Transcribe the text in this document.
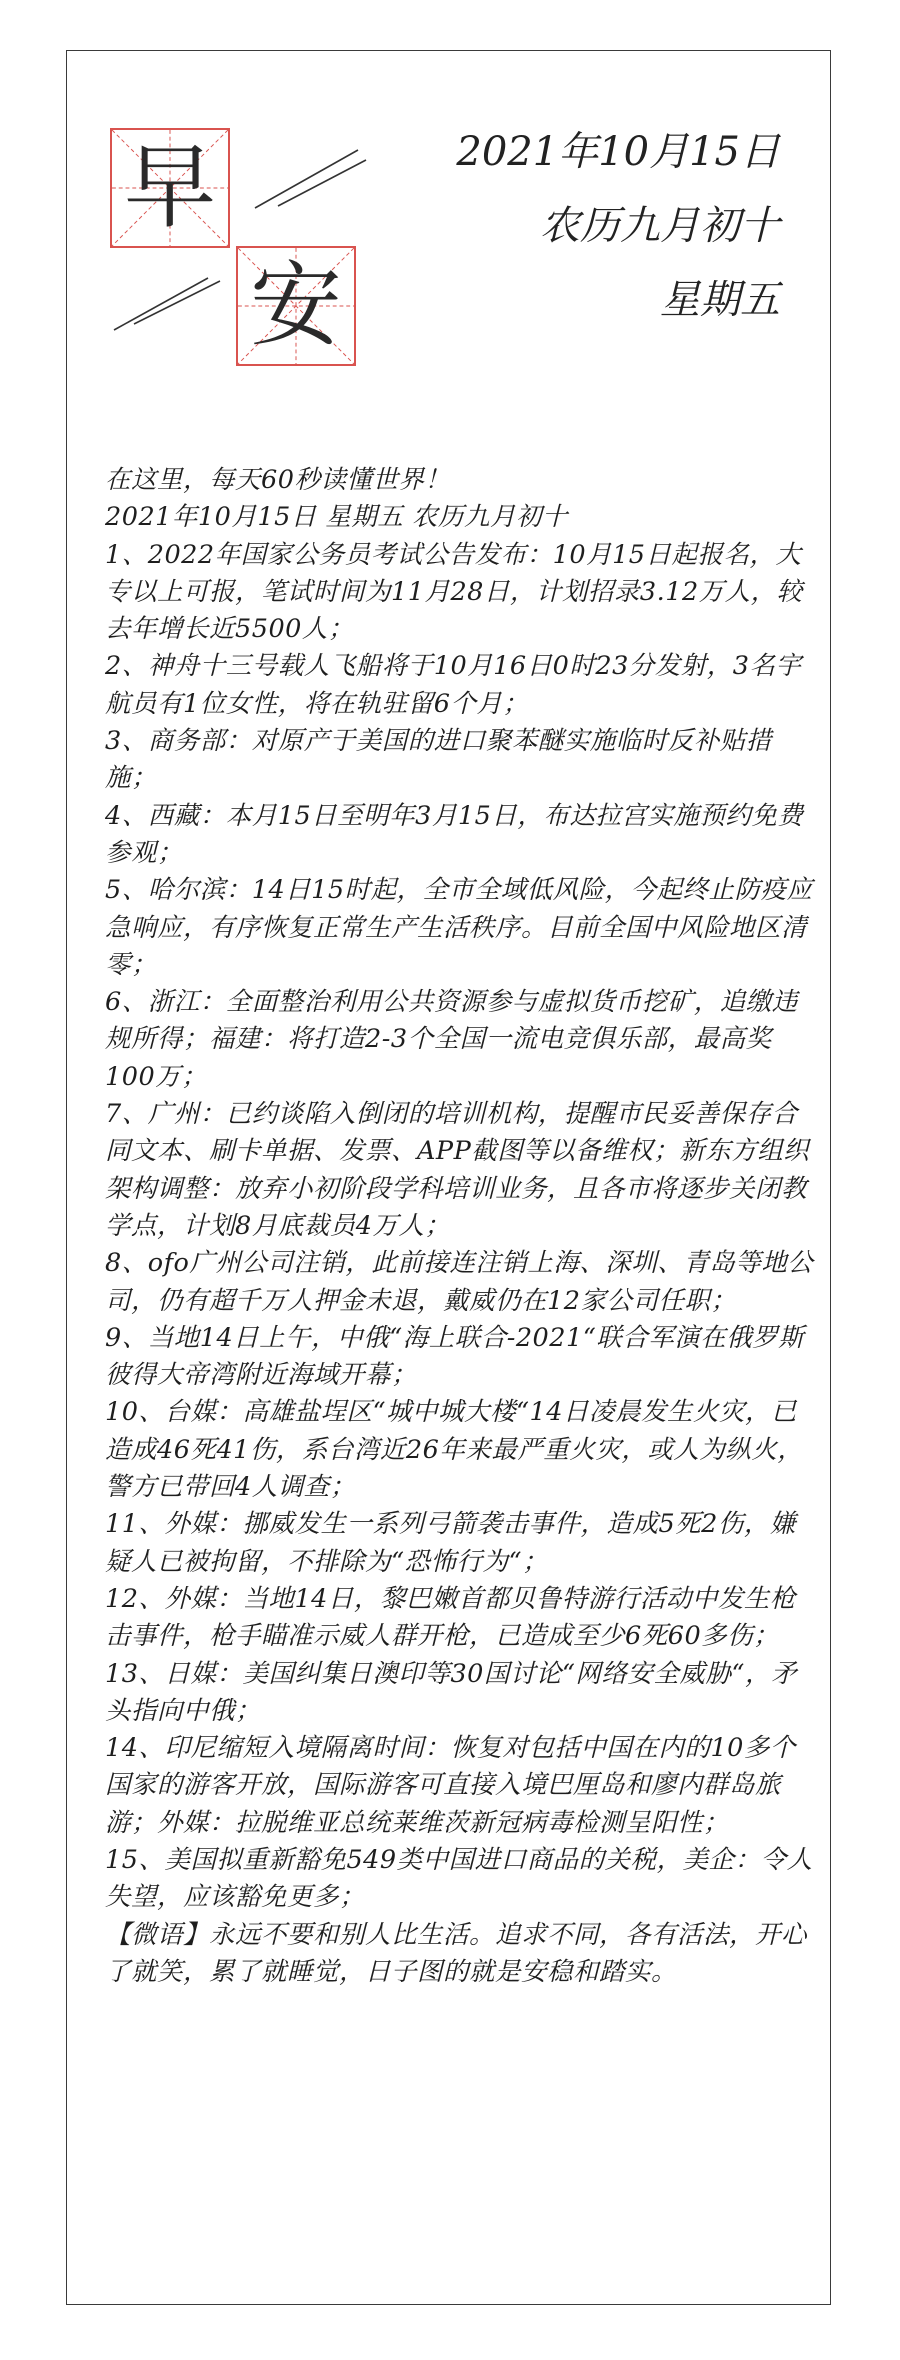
早
安
2021年10月15日
农历九月初十
星期五

在这里，每天60秒读懂世界！

2021年10月15日 星期五 农历九月初十

1、2022年国家公务员考试公告发布：10月15日起报名，大专以上可报，笔试时间为11月28日，计划招录3.12万人，较去年增长近5500人；

2、神舟十三号载人飞船将于10月16日0时23分发射，3名宇航员有1位女性，将在轨驻留6个月；

3、商务部：对原产于美国的进口聚苯醚实施临时反补贴措施；

4、西藏：本月15日至明年3月15日，布达拉宫实施预约免费参观；

5、哈尔滨：14日15时起，全市全域低风险，今起终止防疫应急响应，有序恢复正常生产生活秩序。目前全国中风险地区清零；

6、浙江：全面整治利用公共资源参与虚拟货币挖矿，追缴违规所得；福建：将打造2-3个全国一流电竞俱乐部，最高奖100万；

7、广州：已约谈陷入倒闭的培训机构，提醒市民妥善保存合同文本、刷卡单据、发票、APP截图等以备维权；新东方组织架构调整：放弃小初阶段学科培训业务，且各市将逐步关闭教学点，计划8月底裁员4万人；

8、ofo广州公司注销，此前接连注销上海、深圳、青岛等地公司，仍有超千万人押金未退，戴威仍在12家公司任职；

9、当地14日上午，中俄“海上联合-2021“联合军演在俄罗斯彼得大帝湾附近海域开幕；

10、台媒：高雄盐埕区“城中城大楼“14日凌晨发生火灾，已造成46死41伤，系台湾近26年来最严重火灾，或人为纵火，警方已带回4人调查；

11、外媒：挪威发生一系列弓箭袭击事件，造成5死2伤，嫌疑人已被拘留，不排除为“恐怖行为“；

12、外媒：当地14日，黎巴嫩首都贝鲁特游行活动中发生枪击事件，枪手瞄准示威人群开枪，已造成至少6死60多伤；

13、日媒：美国纠集日澳印等30国讨论“网络安全威胁“，矛头指向中俄；

14、印尼缩短入境隔离时间：恢复对包括中国在内的10多个国家的游客开放，国际游客可直接入境巴厘岛和廖内群岛旅游；外媒：拉脱维亚总统莱维茨新冠病毒检测呈阳性；

15、美国拟重新豁免549类中国进口商品的关税，美企：令人失望，应该豁免更多；

【微语】永远不要和别人比生活。追求不同，各有活法，开心了就笑，累了就睡觉，日子图的就是安稳和踏实。
